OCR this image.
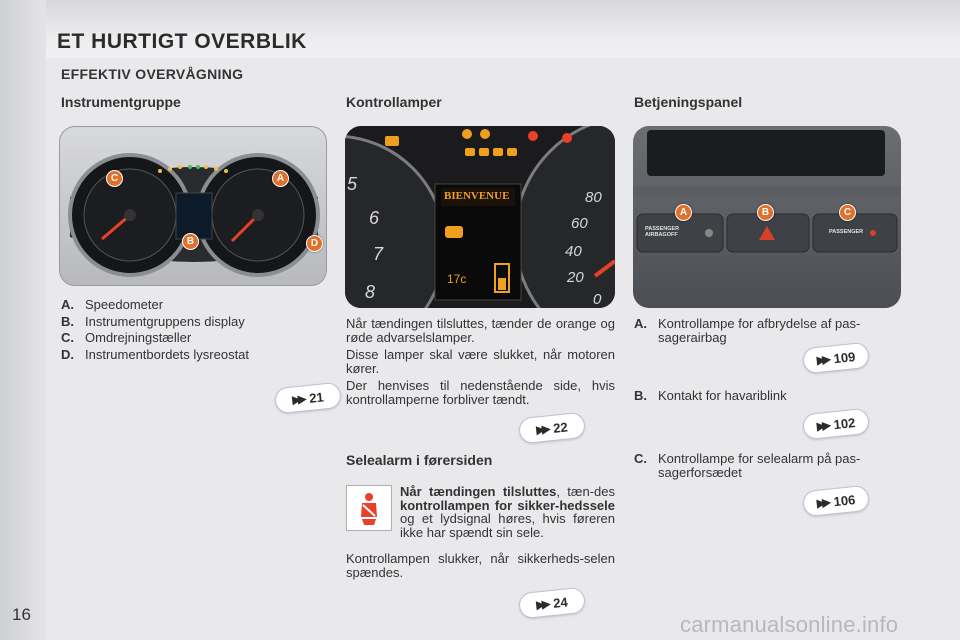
16
ET HURTIGT OVERBLIK
EFFEKTIV OVERVÅGNING
Instrumentgruppe	Kontrollamper	Betjeningspanel
C	A
B	D
A. Speedometer
B. Instrumentgruppens display
C. Omdrejningstæller
D. Instrumentbordets lysreostat
▶▶ 21
5
6
7
8
80
60
40
20
0
BIENVENUE
17c

Når tændingen tilsluttes, tænder de orange og røde advarselslamper.

Disse lamper skal være slukket, når motoren kører.

Der henvises til nedenstående side, hvis kontrollamperne forbliver tændt.

▶▶ 22
Selealarm i førersiden

Når tændingen tilsluttes, tæn-des kontrollampen for sikker-hedssele og et lydsignal høres, hvis føreren ikke har spændt sin sele.

Kontrollampen slukker, når sikkerheds-selen spændes.

▶▶ 24
PASSENGER AIRBAGOFF	PASSENGER
A	B	C
A. Kontrollampe for afbrydelse af pas-sagerairbag
▶▶ 109
B. Kontakt for havariblink
▶▶ 102
C. Kontrollampe for selealarm på pas-sagerforsædet
▶▶ 106
carmanualsonline.info
